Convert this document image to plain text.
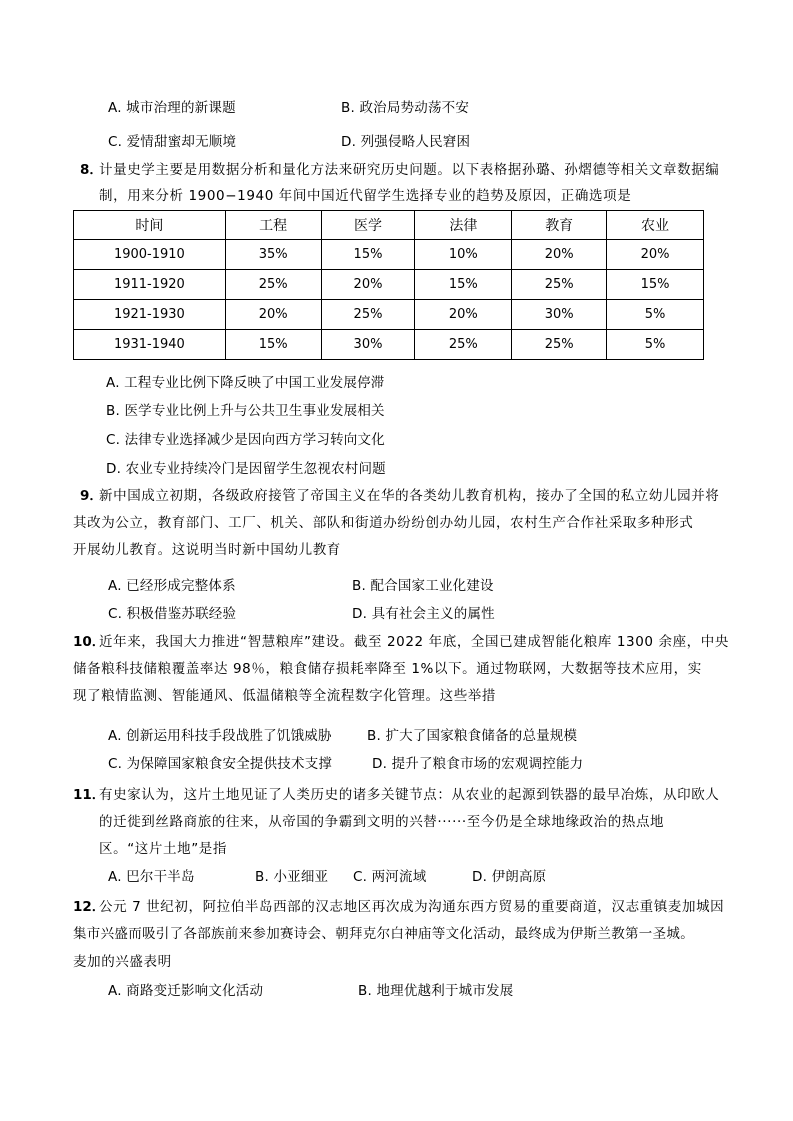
A. 城市治理的新课题	B. 政治局势动荡不安
C. 爱情甜蜜却无顺境	D. 列强侵略人民窘困
8．
计量史学主要是用数据分析和量化方法来研究历史问题。以下表格据孙璐、孙熠德等相关文章数据编
制，用来分析 1900−1940 年间中国近代留学生选择专业的趋势及原因，正确选项是
时间	工程	医学	法律	教育	农业
1900-1910	35%	15%	10%	20%	20%
1911-1920	25%	20%	15%	25%	15%
1921-1930	20%	25%	20%	30%	5%
1931-1940	15%	30%	25%	25%	5%
A. 工程专业比例下降反映了中国工业发展停滞
B. 医学专业比例上升与公共卫生事业发展相关
C. 法律专业选择减少是因向西方学习转向文化
D. 农业专业持续冷门是因留学生忽视农村问题
9．
新中国成立初期，各级政府接管了帝国主义在华的各类幼儿教育机构，接办了全国的私立幼儿园并将
其改为公立，教育部门、工厂、机关、部队和街道办纷纷创办幼儿园，农村生产合作社采取多种形式
开展幼儿教育。这说明当时新中国幼儿教育
A. 已经形成完整体系	B. 配合国家工业化建设
C. 积极借鉴苏联经验	D. 具有社会主义的属性
10．
近年来，我国大力推进“智慧粮库”建设。截至 2022 年底，全国已建成智能化粮库 1300 余座，中央
储备粮科技储粮覆盖率达 98％，粮食储存损耗率降至 1%以下。通过物联网，大数据等技术应用，实
现了粮情监测、智能通风、低温储粮等全流程数字化管理。这些举措
A. 创新运用科技手段战胜了饥饿威胁	B. 扩大了国家粮食储备的总量规模
C. 为保障国家粮食安全提供技术支撑	D. 提升了粮食市场的宏观调控能力
11．
有史家认为，这片土地见证了人类历史的诸多关键节点：从农业的起源到铁器的最早冶炼，从印欧人
的迁徙到丝路商旅的往来，从帝国的争霸到文明的兴替······至今仍是全球地缘政治的热点地
区。“这片土地”是指
A. 巴尔干半岛	B. 小亚细亚 C. 两河流域	D. 伊朗高原
12．
公元 7 世纪初，阿拉伯半岛西部的汉志地区再次成为沟通东西方贸易的重要商道，汉志重镇麦加城因
集市兴盛而吸引了各部族前来参加赛诗会、朝拜克尔白神庙等文化活动，最终成为伊斯兰教第一圣城。
麦加的兴盛表明
A. 商路变迁影响文化活动	B. 地理优越利于城市发展
